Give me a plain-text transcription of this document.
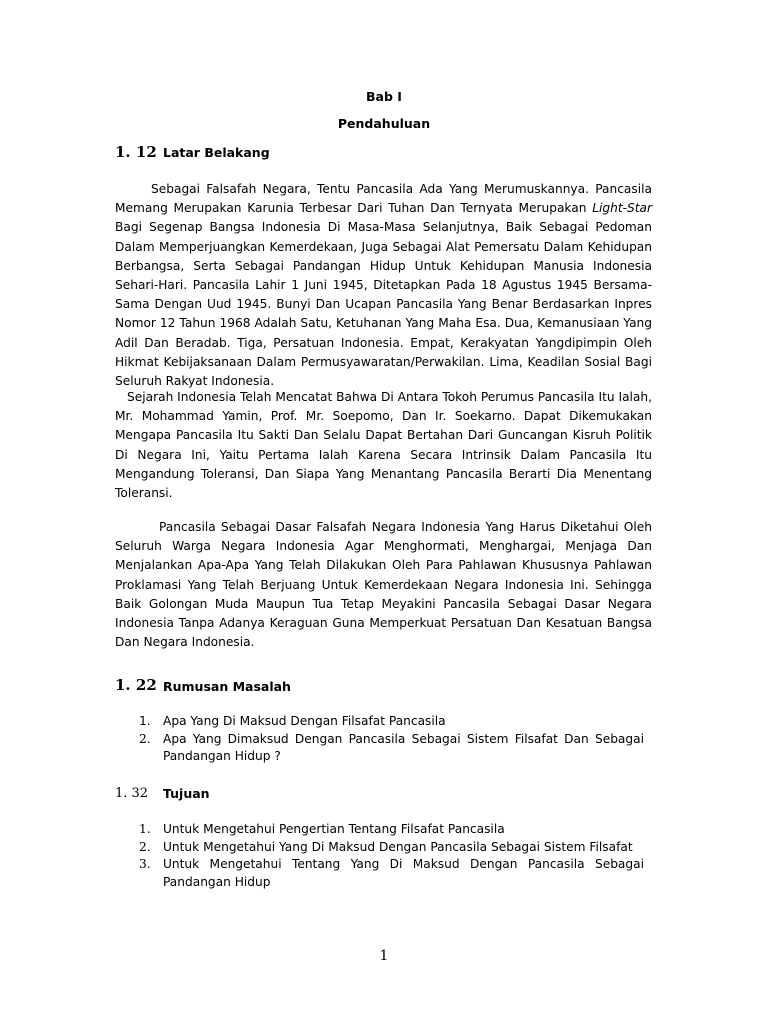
Bab I
Pendahuluan
1. 12 Latar Belakang

Sebagai Falsafah Negara, Tentu Pancasila Ada Yang Merumuskannya. Pancasila Memang Merupakan Karunia Terbesar Dari Tuhan Dan Ternyata Merupakan Light-Star Bagi Segenap Bangsa Indonesia Di Masa-Masa Selanjutnya, Baik Sebagai Pedoman Dalam Memperjuangkan Kemerdekaan, Juga Sebagai Alat Pemersatu Dalam Kehidupan Berbangsa, Serta Sebagai Pandangan Hidup Untuk Kehidupan Manusia Indonesia Sehari-Hari. Pancasila Lahir 1 Juni 1945, Ditetapkan Pada 18 Agustus 1945 Bersama-Sama Dengan Uud 1945. Bunyi Dan Ucapan Pancasila Yang Benar Berdasarkan Inpres Nomor 12 Tahun 1968 Adalah Satu, Ketuhanan Yang Maha Esa. Dua, Kemanusiaan Yang Adil Dan Beradab. Tiga, Persatuan Indonesia. Empat, Kerakyatan Yangdipimpin Oleh Hikmat Kebijaksanaan Dalam Permusyawaratan/Perwakilan. Lima, Keadilan Sosial Bagi Seluruh Rakyat Indonesia.

Sejarah Indonesia Telah Mencatat Bahwa Di Antara Tokoh Perumus Pancasila Itu Ialah, Mr. Mohammad Yamin, Prof. Mr. Soepomo, Dan Ir. Soekarno. Dapat Dikemukakan Mengapa Pancasila Itu Sakti Dan Selalu Dapat Bertahan Dari Guncangan Kisruh Politik Di Negara Ini, Yaitu Pertama Ialah Karena Secara Intrinsik Dalam Pancasila Itu Mengandung Toleransi, Dan Siapa Yang Menantang Pancasila Berarti Dia Menentang Toleransi.

Pancasila Sebagai Dasar Falsafah Negara Indonesia Yang Harus Diketahui Oleh Seluruh Warga Negara Indonesia Agar Menghormati, Menghargai, Menjaga Dan Menjalankan Apa-Apa Yang Telah Dilakukan Oleh Para Pahlawan Khususnya Pahlawan Proklamasi Yang Telah Berjuang Untuk Kemerdekaan Negara Indonesia Ini. Sehingga Baik Golongan Muda Maupun Tua Tetap Meyakini Pancasila Sebagai Dasar Negara Indonesia Tanpa Adanya Keraguan Guna Memperkuat Persatuan Dan Kesatuan Bangsa Dan Negara Indonesia.

1. 22 Rumusan Masalah
1. Apa Yang Di Maksud Dengan Filsafat Pancasila
2. Apa Yang Dimaksud Dengan Pancasila Sebagai Sistem Filsafat Dan Sebagai Pandangan Hidup ?
1. 32 Tujuan
1. Untuk Mengetahui Pengertian Tentang Filsafat Pancasila
2. Untuk Mengetahui Yang Di Maksud Dengan Pancasila Sebagai Sistem Filsafat
3. Untuk Mengetahui Tentang Yang Di Maksud Dengan Pancasila Sebagai Pandangan Hidup
1
